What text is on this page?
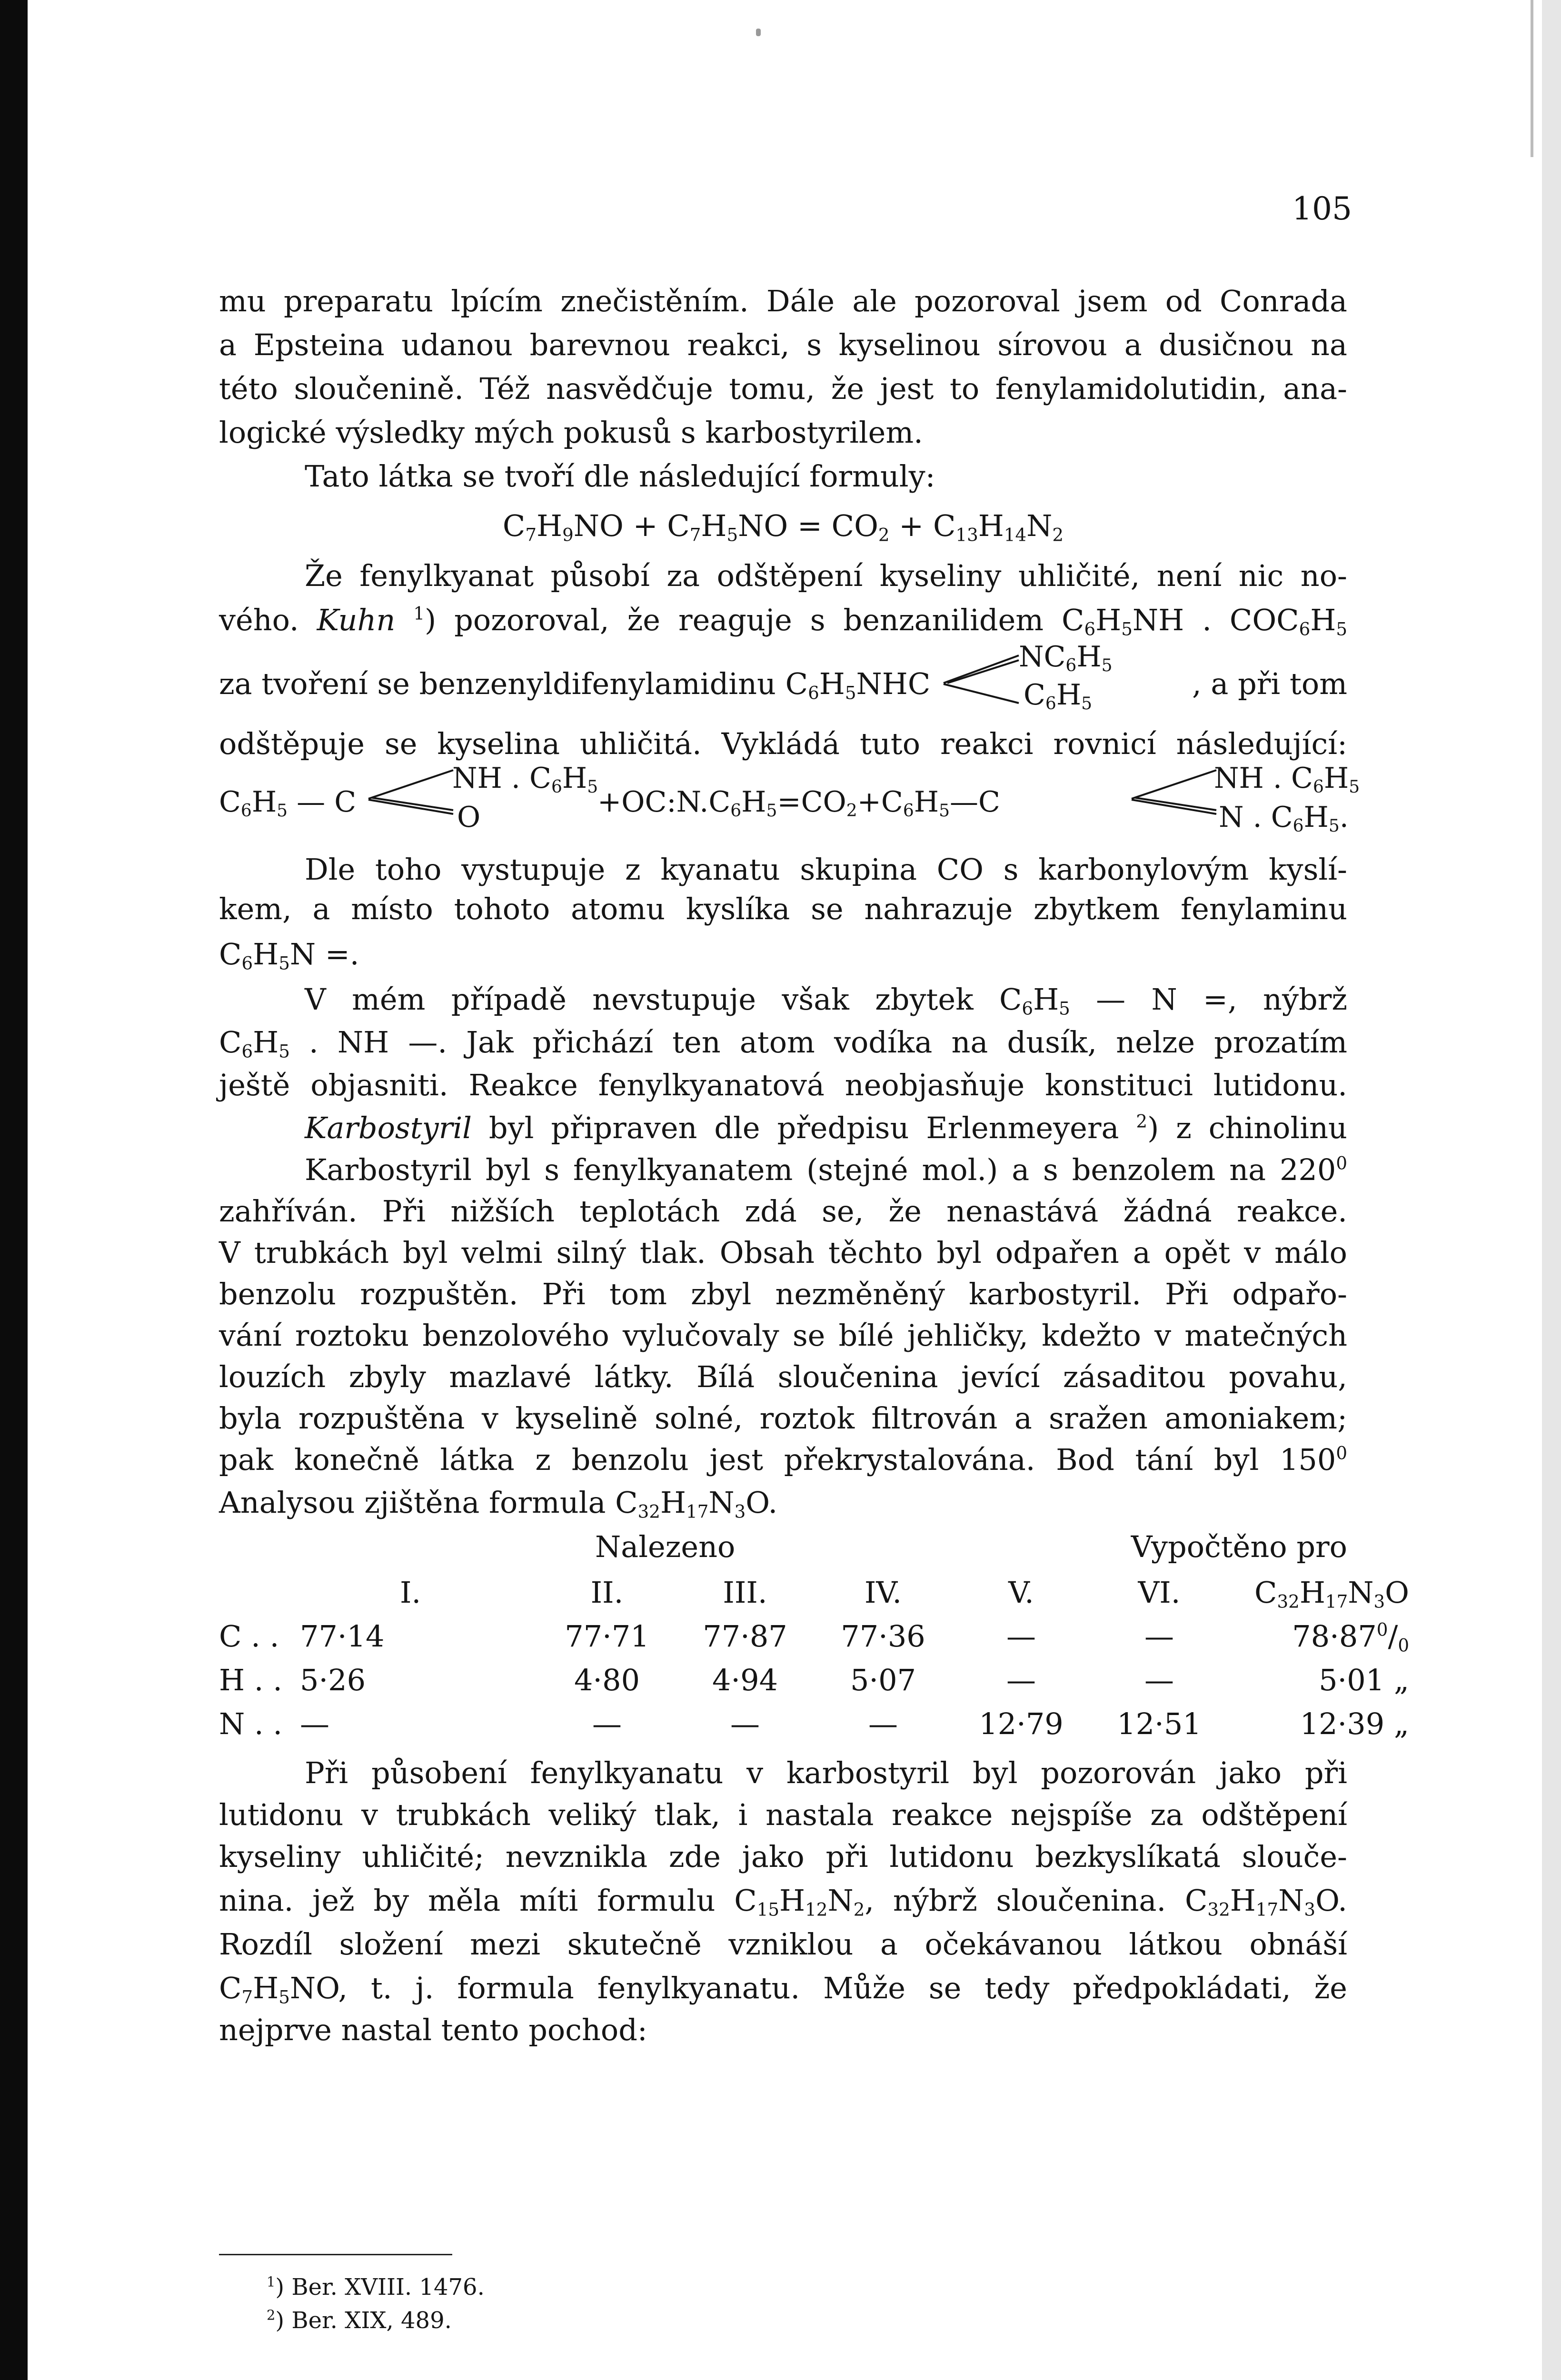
105
mu preparatu lpícím znečistěním. Dále ale pozoroval jsem od Conrada
a Epsteina udanou barevnou reakci, s kyselinou sírovou a dusičnou na
této sloučenině. Též nasvědčuje tomu, že jest to fenylamidolutidin, ana-
logické výsledky mých pokusů s karbostyrilem.
Tato látka se tvoří dle následující formuly:
$C_7H_9NO + C_7H_5NO = CO_2 + C_{13}H_{14}N_2$
Že fenylkyanat působí za odštěpení kyseliny uhličité, není nic no-
vého. Kuhn $^1$) pozoroval, že reaguje s benzanilidem $C_6H_5NH$ . $COC_6H_5$
za tvoření se benzenyldifenylamidinu $C_6H_5NHC$
$NC_6H_5$
$C_6H_5$
, a při tom
odštěpuje se kyselina uhličitá. Vykládá tuto reakci rovnicí následující:
$C_6H_5$ — C
NH . $C_6H_5$
O	$+OC:N.C_6H_5=CO_2+C_6H_5—C$
NH . $C_6H_5$
N . $C_6H_5$.
Dle toho vystupuje z kyanatu skupina CO s karbonylovým kyslí-
kem, a místo tohoto atomu kyslíka se nahrazuje zbytkem fenylaminu
$C_6H_5N$ =.
V mém případě nevstupuje však zbytek $C_6H_5$ — N =, nýbrž
$C_6H_5$ . NH —. Jak přichází ten atom vodíka na dusík, nelze prozatím
ještě objasniti. Reakce fenylkyanatová neobjasňuje konstituci lutidonu.
Karbostyril byl připraven dle předpisu Erlenmeyera $^2$) z chinolinu
Karbostyril byl s fenylkyanatem (stejné mol.) a s benzolem na $220^0$
zahříván. Při nižších teplotách zdá se, že nenastává žádná reakce.
V trubkách byl velmi silný tlak. Obsah těchto byl odpařen a opět v málo
benzolu rozpuštěn. Při tom zbyl nezměněný karbostyril. Při odpařo-
vání roztoku benzolového vylučovaly se bílé jehličky, kdežto v matečných
louzích zbyly mazlavé látky. Bílá sloučenina jevící zásaditou povahu,
byla rozpuštěna v kyselině solné, roztok filtrován a sražen amoniakem;
pak konečně látka z benzolu jest překrystalována. Bod tání byl $150^0$
Analysou zjištěna formula $C_{32}H_{17}N_3O$.
Nalezeno	Vypočtěno pro
	I.	II.	III.	IV.	V.	VI.	$C_{32}H_{17}N_3O$
C . .	77·14	77·71	77·87	77·36	—	—	$78\cdot 87^0/_0$
H . .	5·26	4·80	4·94	5·07	—	—	5·01 „
N . .	—	—	—	—	12·79	12·51	12·39 „
Při působení fenylkyanatu v karbostyril byl pozorován jako při
lutidonu v trubkách veliký tlak, i nastala reakce nejspíše za odštěpení
kyseliny uhličité; nevznikla zde jako při lutidonu bezkyslíkatá slouče-
nina. jež by měla míti formulu $C_{15}H_{12}N_2$, nýbrž sloučenina. $C_{32}H_{17}N_3O$.
Rozdíl složení mezi skutečně vzniklou a očekávanou látkou obnáší
$C_7H_5NO$, t. j. formula fenylkyanatu. Může se tedy předpokládati, že
nejprve nastal tento pochod:
$^1$) Ber. XVIII. 1476.
$^2$) Ber. XIX, 489.
